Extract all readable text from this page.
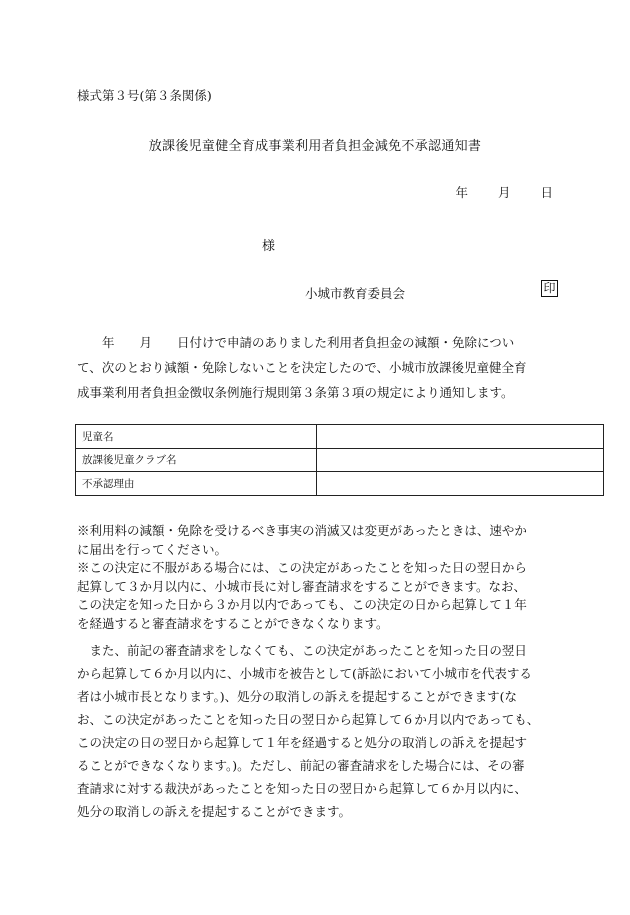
様式第３号(第３条関係)
放課後児童健全育成事業利用者負担金減免不承認通知書
年 月 日
様
小城市教育委員会	印
　　年　　月　　日付けで申請のありました利用者負担金の減額・免除につい
て、次のとおり減額・免除しないことを決定したので、小城市放課後児童健全育
成事業利用者負担金徴収条例施行規則第３条第３項の規定により通知します。
児童名	
放課後児童クラブ名	
不承認理由	
※利用料の減額・免除を受けるべき事実の消滅又は変更があったときは、速やか
に届出を行ってください。
※この決定に不服がある場合には、この決定があったことを知った日の翌日から
起算して３か月以内に、小城市長に対し審査請求をすることができます。なお、
この決定を知った日から３か月以内であっても、この決定の日から起算して１年
を経過すると審査請求をすることができなくなります。
　また、前記の審査請求をしなくても、この決定があったことを知った日の翌日
から起算して６か月以内に、小城市を被告として(訴訟において小城市を代表する
者は小城市長となります。)、処分の取消しの訴えを提起することができます(な
お、この決定があったことを知った日の翌日から起算して６か月以内であっても、
この決定の日の翌日から起算して１年を経過すると処分の取消しの訴えを提起す
ることができなくなります。)。ただし、前記の審査請求をした場合には、その審
査請求に対する裁決があったことを知った日の翌日から起算して６か月以内に、
処分の取消しの訴えを提起することができます。
